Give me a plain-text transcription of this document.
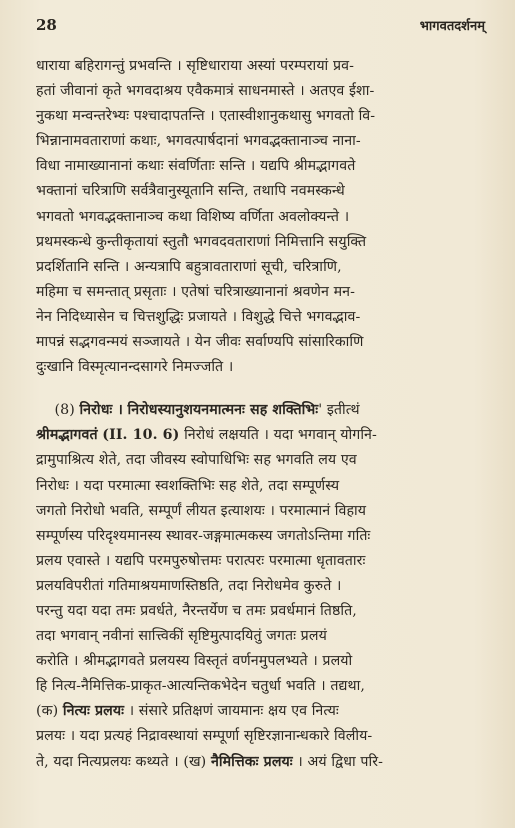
28	भागवतदर्शनम्
धाराया बहिरागन्तुं प्रभवन्ति । सृष्टिधाराया अस्यां परम्परायां प्रव-
हतां जीवानां कृते भगवदाश्रय एवैकमात्रं साधनमास्ते । अतएव ईशा-
नुकथा मन्वन्तरेभ्यः पश्चादापतन्ति । एतास्वीशानुकथासु भगवतो वि-
भिन्नानामवताराणां कथाः, भगवत्पार्षदानां भगवद्भक्तानाञ्च नाना-
विधा नामाख्यानानां कथाः संवर्णिताः सन्ति । यद्यपि श्रीमद्भागवते
भक्तानां चरित्राणि सर्वत्रैवानुस्यूतानि सन्ति, तथापि नवमस्कन्धे
भगवतो भगवद्भक्तानाञ्च कथा विशिष्य वर्णिता अवलोक्यन्ते ।
प्रथमस्कन्धे कुन्तीकृतायां स्तुतौ भगवदवताराणां निमित्तानि सयुक्ति
प्रदर्शितानि सन्ति । अन्यत्रापि बहुत्रावताराणां सूची, चरित्राणि,
महिमा च समन्तात् प्रसृताः । एतेषां चरित्राख्यानानां श्रवणेन मन-
नेन निदिध्यासेन च चित्तशुद्धिः प्रजायते । विशुद्धे चित्ते भगवद्भाव-
मापन्नं सद्भगवन्मयं सञ्जायते । येन जीवः सर्वाण्यपि सांसारिकाणि
दुःखानि विस्मृत्यानन्दसागरे निमज्जति ।
(8) निरोधः । निरोधस्यानुशयनमात्मनः सह शक्तिभिः' इतीत्थं
श्रीमद्भागवतं (II. 10. 6) निरोधं लक्षयति । यदा भगवान् योगनि-
द्रामुपाश्रित्य शेते, तदा जीवस्य स्वोपाधिभिः सह भगवति लय एव
निरोधः । यदा परमात्मा स्वशक्तिभिः सह शेते, तदा सम्पूर्णस्य
जगतो निरोधो भवति, सम्पूर्णं लीयत इत्याशयः । परमात्मानं विहाय
सम्पूर्णस्य परिदृश्यमानस्य स्थावर-जङ्गमात्मकस्य जगतोऽन्तिमा गतिः
प्रलय एवास्ते । यद्यपि परमपुरुषोत्तमः परात्परः परमात्मा धृतावतारः
प्रलयविपरीतां गतिमाश्रयमाणस्तिष्ठति, तदा निरोधमेव कुरुते ।
परन्तु यदा यदा तमः प्रवर्धते, नैरन्तर्येण च तमः प्रवर्धमानं तिष्ठति,
तदा भगवान् नवीनां सात्त्विकीं सृष्टिमुत्पादयितुं जगतः प्रलयं
करोति । श्रीमद्भागवते प्रलयस्य विस्तृतं वर्णनमुपलभ्यते । प्रलयो
हि नित्य-नैमित्तिक-प्राकृत-आत्यन्तिकभेदेन चतुर्धा भवति । तद्यथा,
(क) नित्यः प्रलयः । संसारे प्रतिक्षणं जायमानः क्षय एव नित्यः
प्रलयः । यदा प्रत्यहं निद्रावस्थायां सम्पूर्णा सृष्टिरज्ञानान्धकारे विलीय-
ते, यदा नित्यप्रलयः कथ्यते । (ख) नैमित्तिकः प्रलयः । अयं द्विधा परि-
